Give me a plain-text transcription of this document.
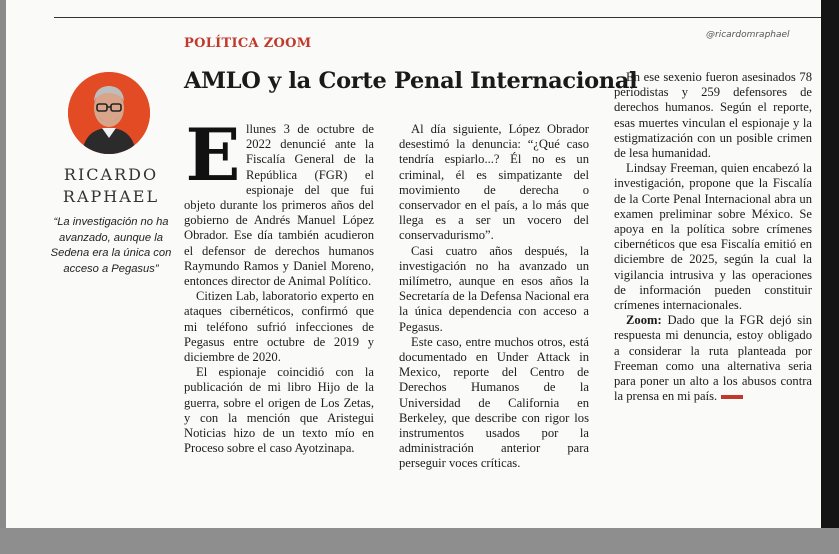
POLÍTICA ZOOM
@ricardomraphael
RICARDO
RAPHAEL
“La investigación no ha avanzado, aunque la Sedena era la única con acceso a Pegasus”
AMLO y la Corte Penal Internacional
E llunes 3 de octubre de 2022 denuncié ante la Fiscalía General de la República (FGR) el espionaje del que fui objeto durante los primeros años del gobierno de Andrés Manuel López Obrador. Ese día también acudieron el defensor de derechos humanos Raymundo Ramos y Daniel Moreno, entonces director de Animal Político.

Citizen Lab, laboratorio experto en ataques cibernéticos, confirmó que mi teléfono sufrió infecciones de Pegasus entre octubre de 2019 y diciembre de 2020.

El espionaje coincidió con la publicación de mi libro Hijo de la guerra, sobre el origen de Los Zetas, y con la mención que Aristegui Noticias hizo de un texto mío en Proceso sobre el caso Ayotzinapa.

Al día siguiente, López Obrador desestimó la denuncia: “¿Qué caso tendría espiarlo...? Él no es un criminal, él es simpatizante del movimiento de derecha o conservador en el país, a lo más que llega es a ser un vocero del conservadurismo”.

Casi cuatro años después, la investigación no ha avanzado un milímetro, aunque en esos años la Secretaría de la Defensa Nacional era la única dependencia con acceso a Pegasus.

Este caso, entre muchos otros, está documentado en Under Attack in Mexico, reporte del Centro de Derechos Humanos de la Universidad de California en Berkeley, que describe con rigor los instrumentos usados por la administración anterior para perseguir voces críticas.

En ese sexenio fueron asesinados 78 periodistas y 259 defensores de derechos humanos. Según el reporte, esas muertes vinculan el espionaje y la estigmatización con un posible crimen de lesa humanidad.

Lindsay Freeman, quien encabezó la investigación, propone que la Fiscalía de la Corte Penal Internacional abra un examen preliminar sobre México. Se apoya en la política sobre crímenes cibernéticos que esa Fiscalía emitió en diciembre de 2025, según la cual la vigilancia intrusiva y las operaciones de información pueden constituir crímenes internacionales.

Zoom: Dado que la FGR dejó sin respuesta mi denuncia, estoy obligado a considerar la ruta planteada por Freeman como una alternativa seria para poner un alto a los abusos contra la prensa en mi país.
